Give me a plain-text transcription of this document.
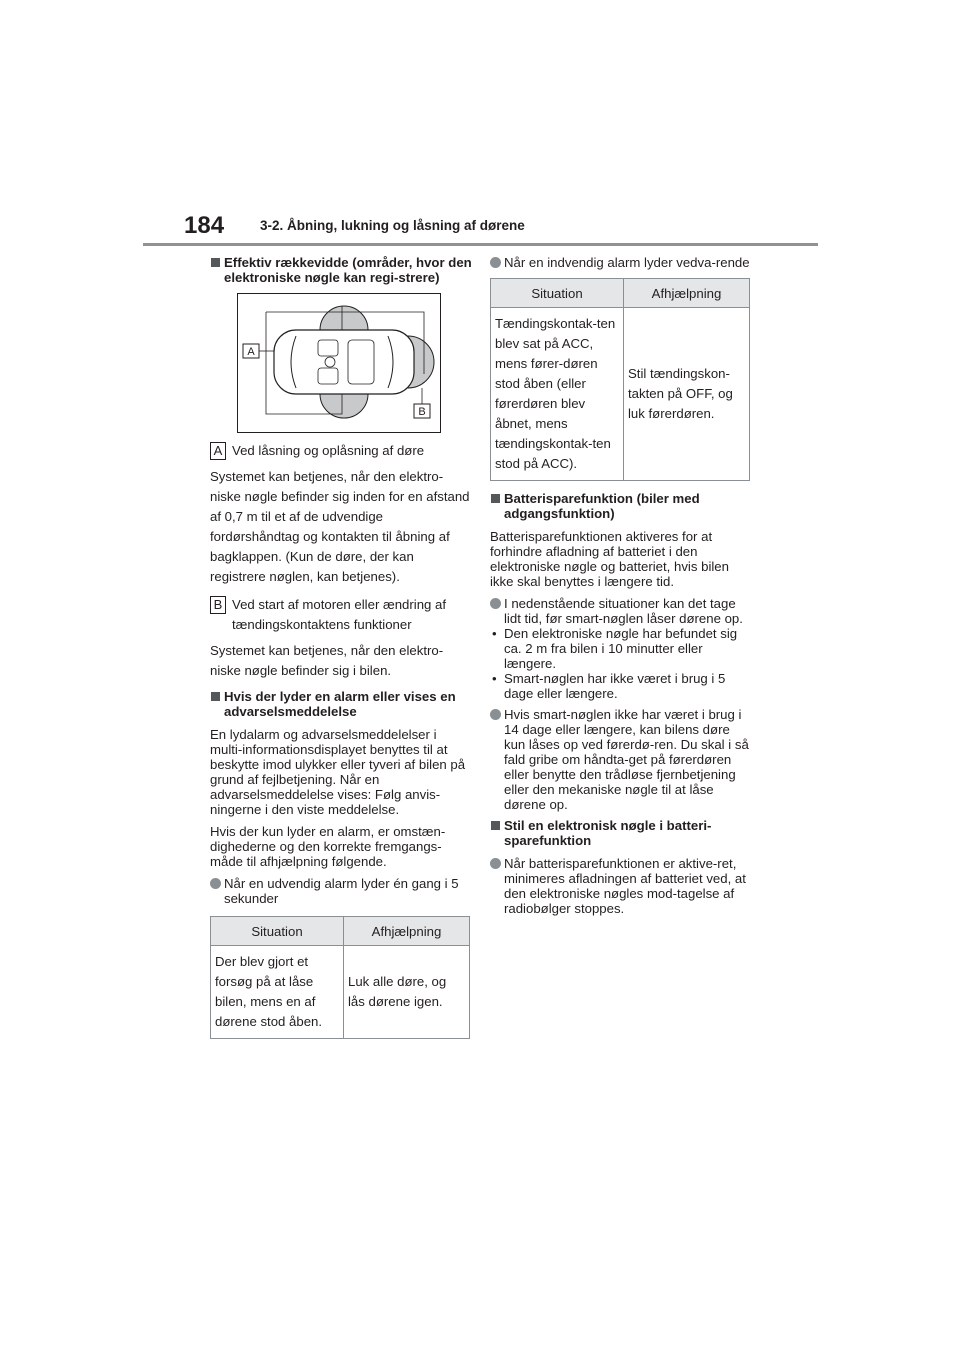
184	3-2. Åbning, lukning og låsning af dørene
Effektiv rækkevidde (områder, hvor den elektroniske nøgle kan regi-strere)
A
B
A Ved låsning og oplåsning af døre
Systemet kan betjenes, når den elektro-niske nøgle befinder sig inden for en afstand af 0,7 m til et af de udvendige fordørshåndtag og kontakten til åbning af bagklappen. (Kun de døre, der kan registrere nøglen, kan betjenes).
B Ved start af motoren eller ændring af tændingskontaktens funktioner
Systemet kan betjenes, når den elektro-niske nøgle befinder sig i bilen.
Hvis der lyder en alarm eller vises en advarselsmeddelelse
En lydalarm og advarselsmeddelelser i multi-informationsdisplayet benyttes til at beskytte imod ulykker eller tyveri af bilen på grund af fejlbetjening. Når en advarselsmeddelelse vises: Følg anvis-ningerne i den viste meddelelse.
Hvis der kun lyder en alarm, er omstæn-dighederne og den korrekte fremgangs-måde til afhjælpning følgende.
Når en udvendig alarm lyder én gang i 5 sekunder
Situation	Afhjælpning
Der blev gjort et forsøg på at låse bilen, mens en af dørene stod åben.	Luk alle døre, og lås dørene igen.
Når en indvendig alarm lyder vedva-rende
Situation	Afhjælpning
Tændingskontak-ten blev sat på ACC, mens fører-døren stod åben (eller førerdøren blev åbnet, mens tændingskontak-ten stod på ACC).	Stil tændingskon-takten på OFF, og luk førerdøren.
Batterisparefunktion (biler med adgangsfunktion)
Batterisparefunktionen aktiveres for at forhindre afladning af batteriet i den elektroniske nøgle og batteriet, hvis bilen ikke skal benyttes i længere tid.
I nedenstående situationer kan det tage lidt tid, før smart-nøglen låser dørene op.
• Den elektroniske nøgle har befundet sig ca. 2 m fra bilen i 10 minutter eller længere.
• Smart-nøglen har ikke været i brug i 5 dage eller længere.
Hvis smart-nøglen ikke har været i brug i 14 dage eller længere, kan bilens døre kun låses op ved førerdø-ren. Du skal i så fald gribe om håndta-get på førerdøren eller benytte den trådløse fjernbetjening eller den mekaniske nøgle til at låse dørene op.
Stil en elektronisk nøgle i batteri-sparefunktion
Når batterisparefunktionen er aktive-ret, minimeres afladningen af batteriet ved, at den elektroniske nøgles mod-tagelse af radiobølger stoppes.
